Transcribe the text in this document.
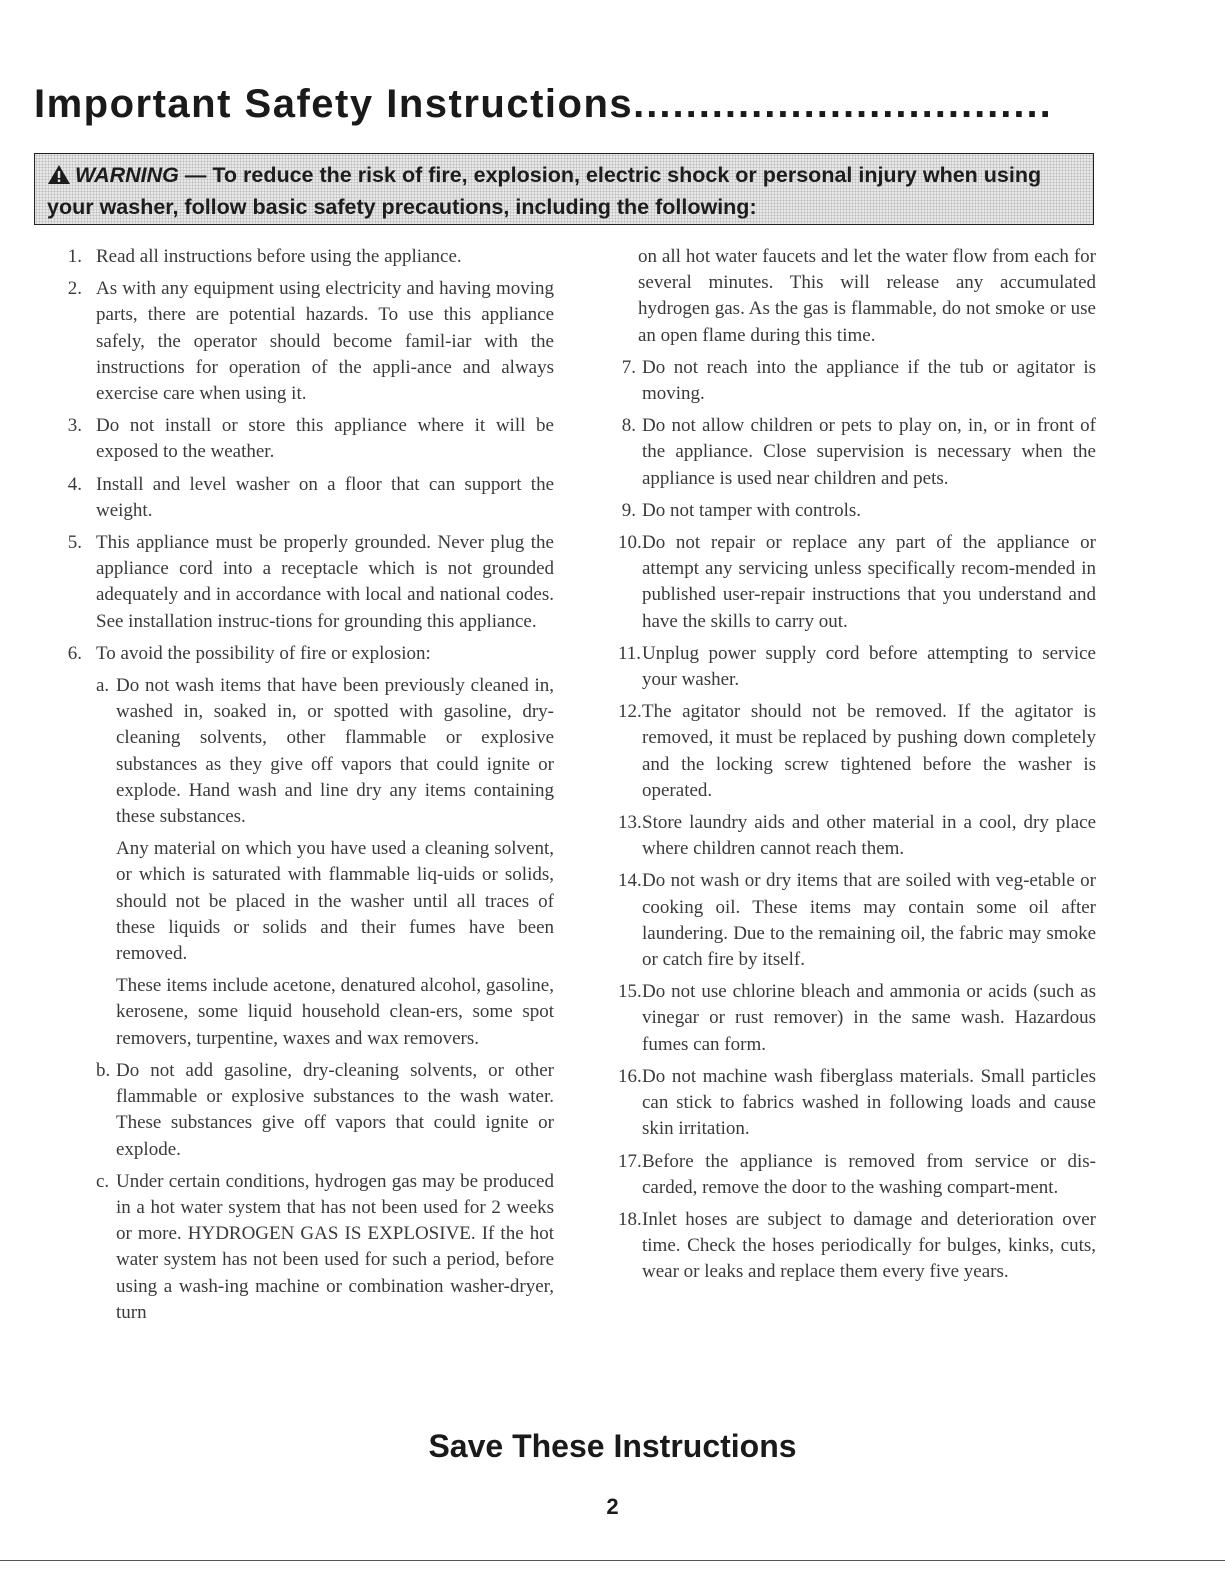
Important Safety Instructions................................
WARNING — To reduce the risk of fire, explosion, electric shock or personal injury when using your washer, follow basic safety precautions, including the following:
1. Read all instructions before using the appliance.
2. As with any equipment using electricity and having moving parts, there are potential hazards. To use this appliance safely, the operator should become famil-iar with the instructions for operation of the appli-ance and always exercise care when using it.
3. Do not install or store this appliance where it will be exposed to the weather.
4. Install and level washer on a floor that can support the weight.
5. This appliance must be properly grounded. Never plug the appliance cord into a receptacle which is not grounded adequately and in accordance with local and national codes. See installation instruc-tions for grounding this appliance.
6. To avoid the possibility of fire or explosion:
a. Do not wash items that have been previously cleaned in, washed in, soaked in, or spotted with gasoline, dry-cleaning solvents, other flammable or explosive substances as they give off vapors that could ignite or explode. Hand wash and line dry any items containing these substances.
Any material on which you have used a cleaning solvent, or which is saturated with flammable liq-uids or solids, should not be placed in the washer until all traces of these liquids or solids and their fumes have been removed.
These items include acetone, denatured alcohol, gasoline, kerosene, some liquid household clean-ers, some spot removers, turpentine, waxes and wax removers.
b. Do not add gasoline, dry-cleaning solvents, or other flammable or explosive substances to the wash water. These substances give off vapors that could ignite or explode.
c. Under certain conditions, hydrogen gas may be produced in a hot water system that has not been used for 2 weeks or more. HYDROGEN GAS IS EXPLOSIVE. If the hot water system has not been used for such a period, before using a wash-ing machine or combination washer-dryer, turn
on all hot water faucets and let the water flow from each for several minutes. This will release any accumulated hydrogen gas. As the gas is flammable, do not smoke or use an open flame during this time.
7. Do not reach into the appliance if the tub or agitator is moving.
8. Do not allow children or pets to play on, in, or in front of the appliance. Close supervision is necessary when the appliance is used near children and pets.
9. Do not tamper with controls.
10. Do not repair or replace any part of the appliance or attempt any servicing unless specifically recom-mended in published user-repair instructions that you understand and have the skills to carry out.
11. Unplug power supply cord before attempting to service your washer.
12. The agitator should not be removed. If the agitator is removed, it must be replaced by pushing down completely and the locking screw tightened before the washer is operated.
13. Store laundry aids and other material in a cool, dry place where children cannot reach them.
14. Do not wash or dry items that are soiled with veg-etable or cooking oil. These items may contain some oil after laundering. Due to the remaining oil, the fabric may smoke or catch fire by itself.
15. Do not use chlorine bleach and ammonia or acids (such as vinegar or rust remover) in the same wash. Hazardous fumes can form.
16. Do not machine wash fiberglass materials. Small particles can stick to fabrics washed in following loads and cause skin irritation.
17. Before the appliance is removed from service or dis-carded, remove the door to the washing compart-ment.
18. Inlet hoses are subject to damage and deterioration over time. Check the hoses periodically for bulges, kinks, cuts, wear or leaks and replace them every five years.
Save These Instructions
2
